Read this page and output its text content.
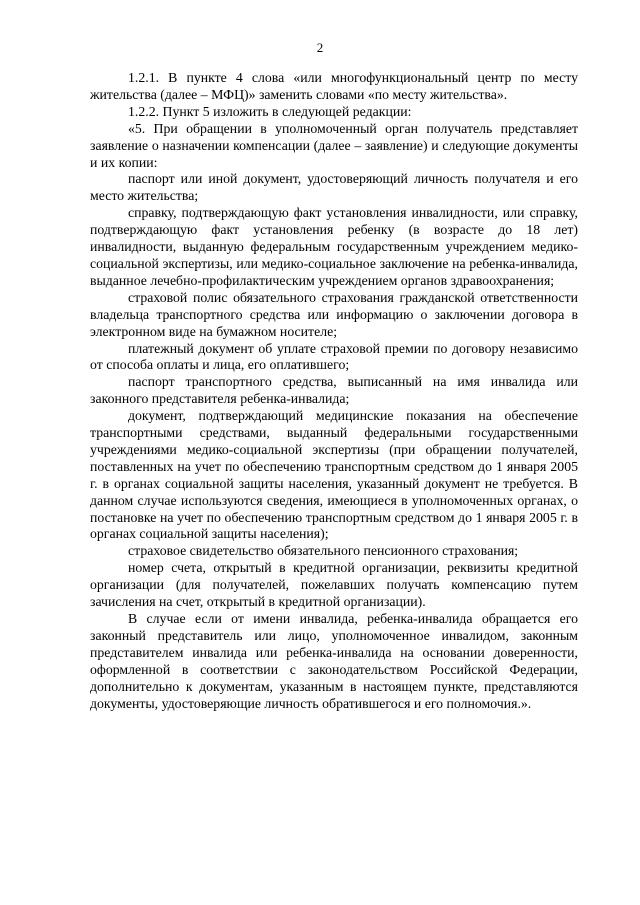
2

1.2.1. В пункте 4 слова «или многофункциональный центр по месту жительства (далее – МФЦ)» заменить словами «по месту жительства».

1.2.2. Пункт 5 изложить в следующей редакции:

«5. При обращении в уполномоченный орган получатель представляет заявление о назначении компенсации (далее – заявление) и следующие документы и их копии:

паспорт или иной документ, удостоверяющий личность получателя и его место жительства;

справку, подтверждающую факт установления инвалидности, или справку, подтверждающую факт установления ребенку (в возрасте до 18 лет) инвалидности, выданную федеральным государственным учреждением медико-социальной экспертизы, или медико-социальное заключение на ребенка-инвалида, выданное лечебно-профилактическим учреждением органов здравоохранения;

страховой полис обязательного страхования гражданской ответственности владельца транспортного средства или информацию о заключении договора в электронном виде на бумажном носителе;

платежный документ об уплате страховой премии по договору независимо от способа оплаты и лица, его оплатившего;

паспорт транспортного средства, выписанный на имя инвалида или законного представителя ребенка-инвалида;

документ, подтверждающий медицинские показания на обеспечение транспортными средствами, выданный федеральными государственными учреждениями медико-социальной экспертизы (при обращении получателей, поставленных на учет по обеспечению транспортным средством до 1 января 2005 г. в органах социальной защиты населения, указанный документ не требуется. В данном случае используются сведения, имеющиеся в уполномоченных органах, о постановке на учет по обеспечению транспортным средством до 1 января 2005 г. в органах социальной защиты населения);

страховое свидетельство обязательного пенсионного страхования;

номер счета, открытый в кредитной организации, реквизиты кредитной организации (для получателей, пожелавших получать компенсацию путем зачисления на счет, открытый в кредитной организации).

В случае если от имени инвалида, ребенка-инвалида обращается его законный представитель или лицо, уполномоченное инвалидом, законным представителем инвалида или ребенка-инвалида на основании доверенности, оформленной в соответствии с законодательством Российской Федерации, дополнительно к документам, указанным в настоящем пункте, представляются документы, удостоверяющие личность обратившегося и его полномочия.».
